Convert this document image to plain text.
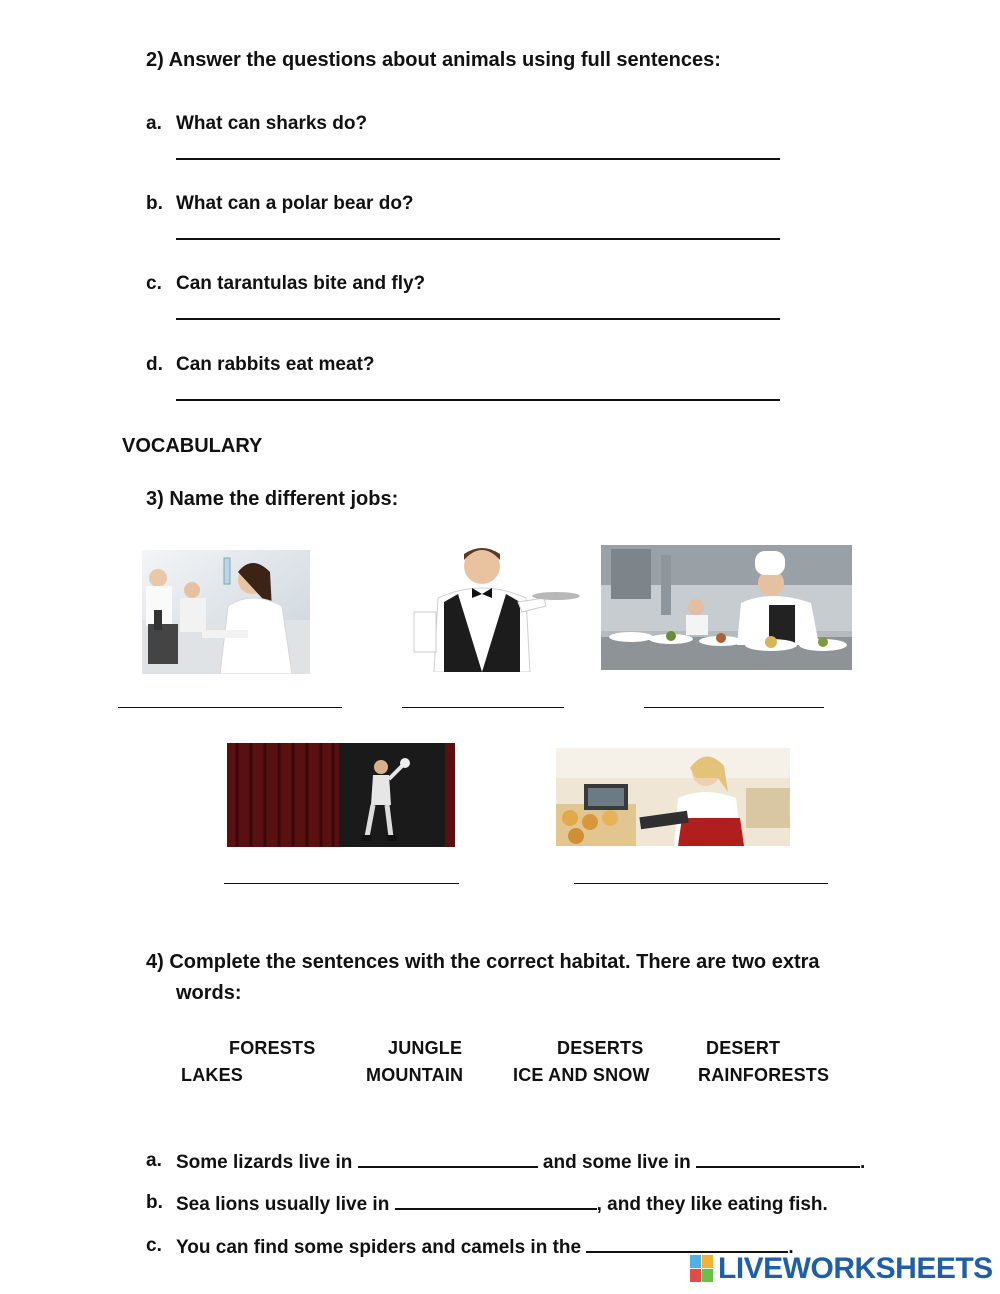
2) Answer the questions about animals using full sentences:
a. What can sharks do?
b. What can a polar bear do?
c. Can tarantulas bite and fly?
d. Can rabbits eat meat?
VOCABULARY
3) Name the different jobs:
4) Complete the sentences with the correct habitat. There are two extra
words:
FORESTS	JUNGLE	DESERTS	DESERT
LAKES	MOUNTAIN	ICE AND SNOW	RAINFORESTS
a. Some lizards live in	and some live in	.
b. Sea lions usually live in	, and they like eating fish.
c. You can find some spiders and camels in the	.
LIVEWORKSHEETS
